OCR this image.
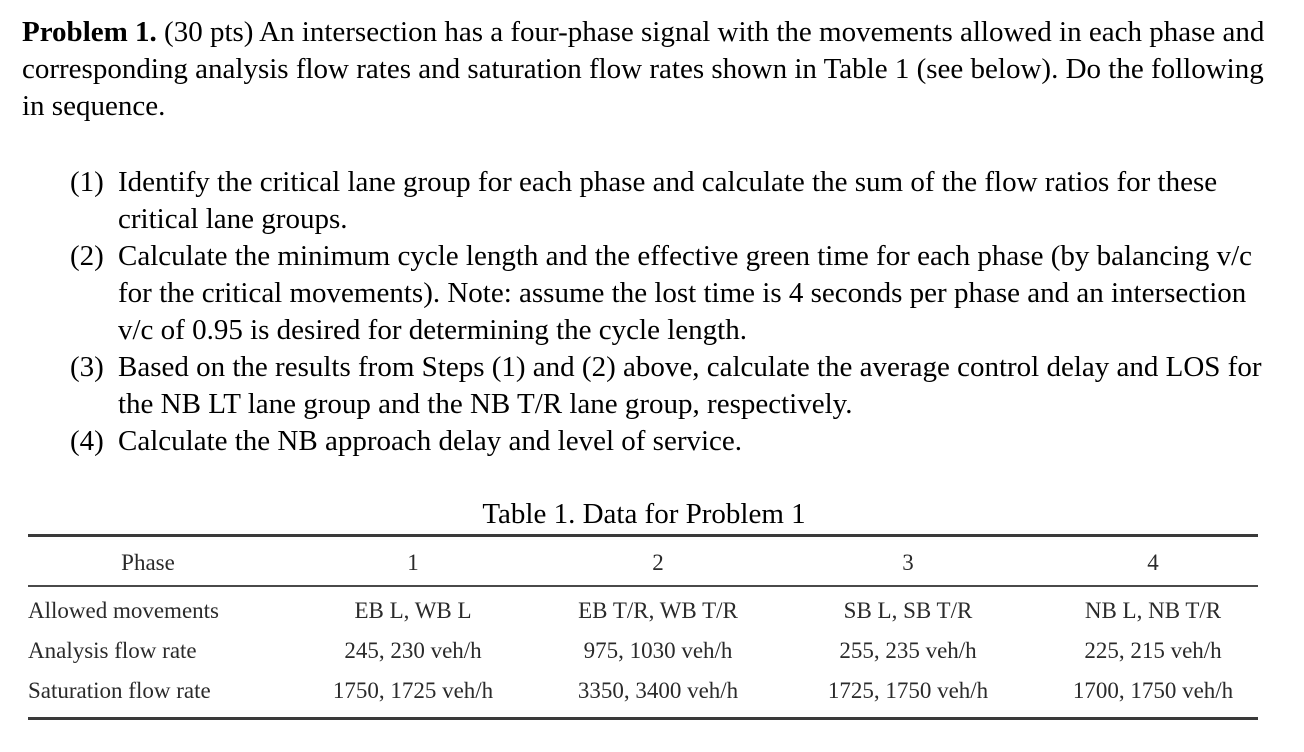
Problem 1. (30 pts) An intersection has a four-phase signal with the movements allowed in each phase and corresponding analysis flow rates and saturation flow rates shown in Table 1 (see below). Do the following in sequence.
(1) Identify the critical lane group for each phase and calculate the sum of the flow ratios for these critical lane groups.
(2) Calculate the minimum cycle length and the effective green time for each phase (by balancing v/c for the critical movements). Note: assume the lost time is 4 seconds per phase and an intersection v/c of 0.95 is desired for determining the cycle length.
(3) Based on the results from Steps (1) and (2) above, calculate the average control delay and LOS for the NB LT lane group and the NB T/R lane group, respectively.
(4) Calculate the NB approach delay and level of service.
Table 1. Data for Problem 1
Phase	1	2	3	4
Allowed movements	EB L, WB L	EB T/R, WB T/R	SB L, SB T/R	NB L, NB T/R
Analysis flow rate	245, 230 veh/h	975, 1030 veh/h	255, 235 veh/h	225, 215 veh/h
Saturation flow rate	1750, 1725 veh/h	3350, 3400 veh/h	1725, 1750 veh/h	1700, 1750 veh/h
